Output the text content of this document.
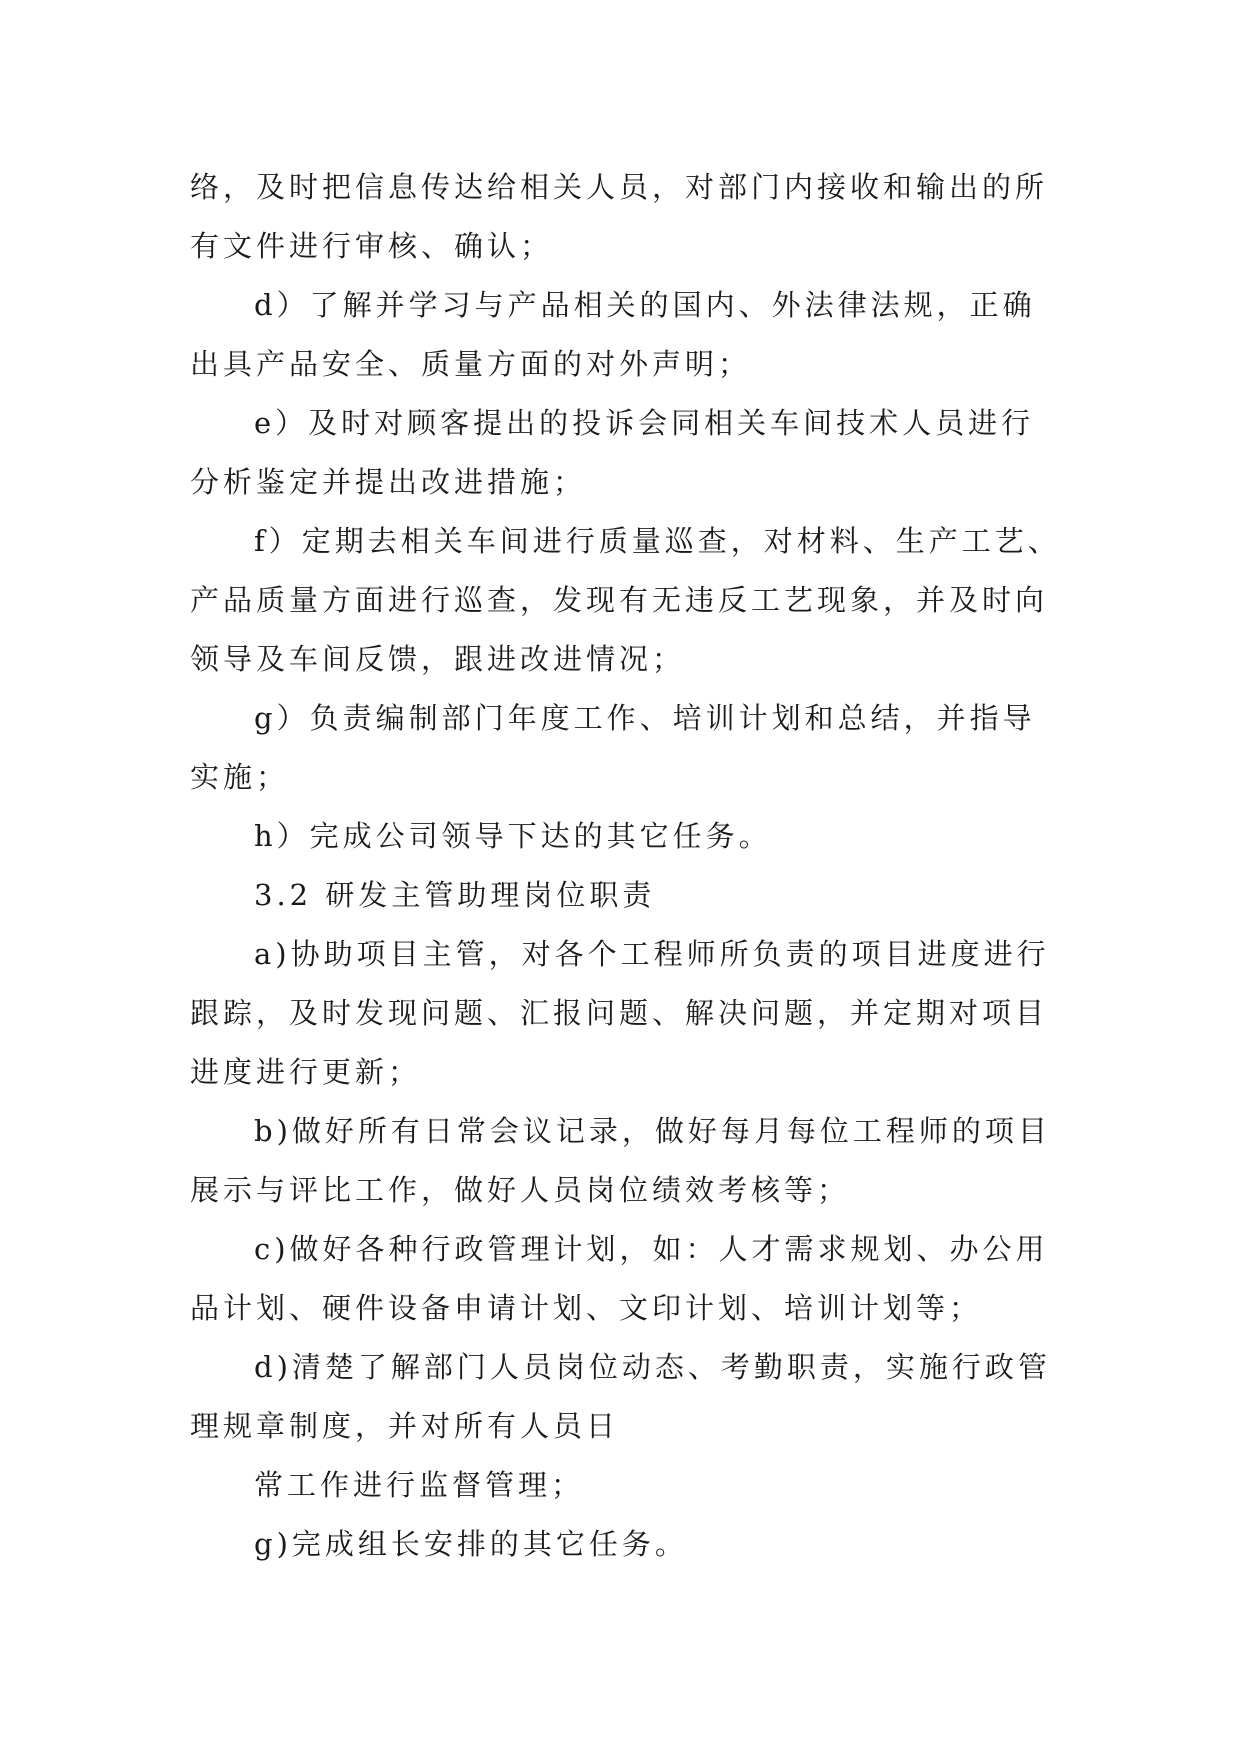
络，及时把信息传达给相关人员，对部门内接收和输出的所
有文件进行审核、确认；

d）了解并学习与产品相关的国内、外法律法规，正确
出具产品安全、质量方面的对外声明；

e）及时对顾客提出的投诉会同相关车间技术人员进行
分析鉴定并提出改进措施；

f）定期去相关车间进行质量巡查，对材料、生产工艺、
产品质量方面进行巡查，发现有无违反工艺现象，并及时向
领导及车间反馈，跟进改进情况；

g）负责编制部门年度工作、培训计划和总结，并指导
实施；

h）完成公司领导下达的其它任务。

3.2 研发主管助理岗位职责

a)协助项目主管，对各个工程师所负责的项目进度进行
跟踪，及时发现问题、汇报问题、解决问题，并定期对项目
进度进行更新；

b)做好所有日常会议记录，做好每月每位工程师的项目
展示与评比工作，做好人员岗位绩效考核等；

c)做好各种行政管理计划，如：人才需求规划、办公用
品计划、硬件设备申请计划、文印计划、培训计划等；

d)清楚了解部门人员岗位动态、考勤职责，实施行政管
理规章制度，并对所有人员日

常工作进行监督管理；

g)完成组长安排的其它任务。
